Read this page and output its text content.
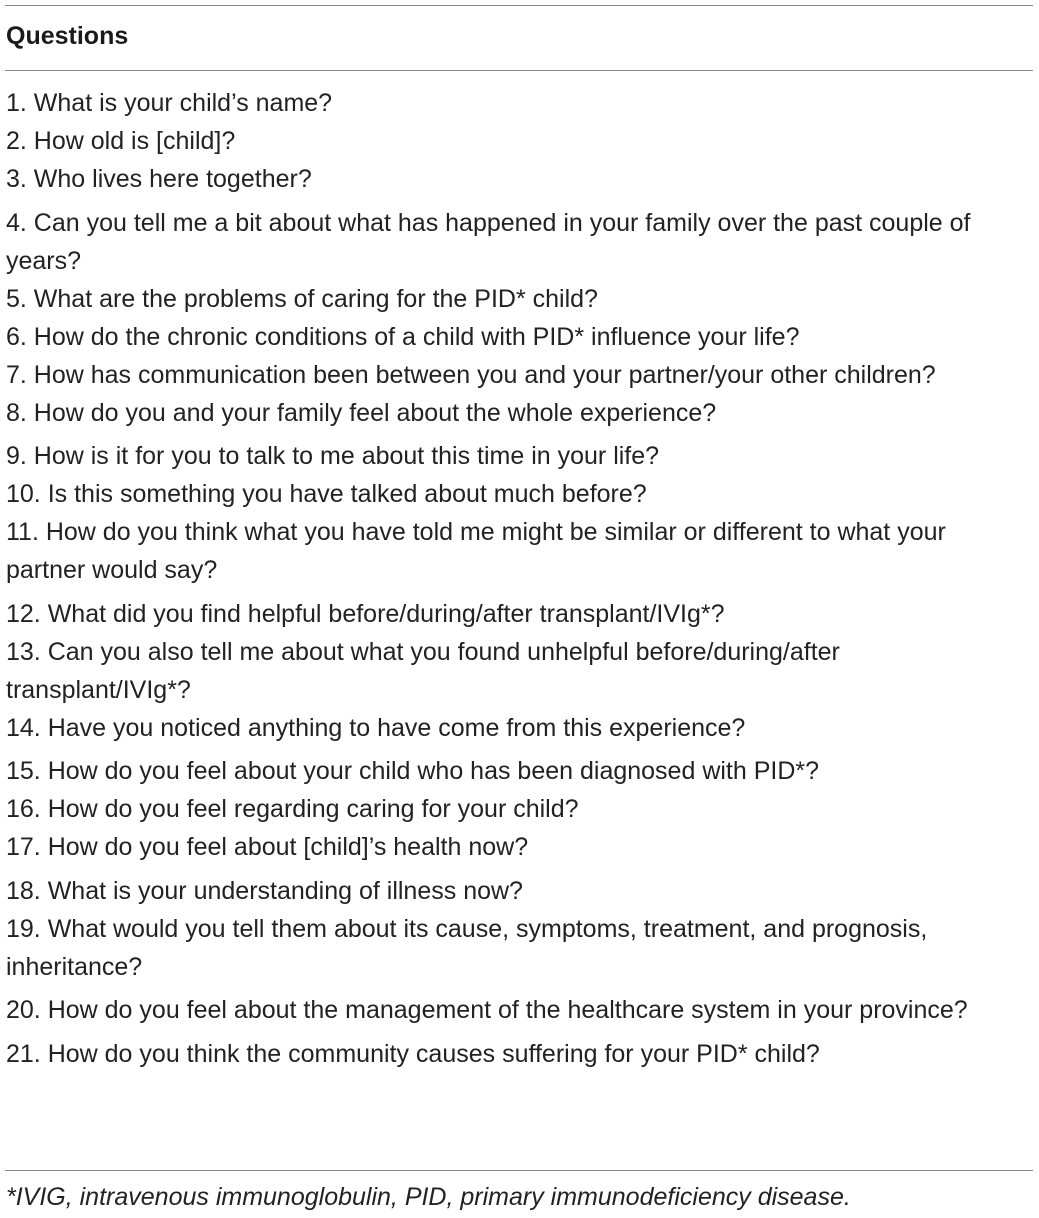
Questions
1. What is your child’s name?
2. How old is [child]?
3. Who lives here together?
4. Can you tell me a bit about what has happened in your family over the past couple of years?
5. What are the problems of caring for the PID* child?
6. How do the chronic conditions of a child with PID* influence your life?
7. How has communication been between you and your partner/your other children?
8. How do you and your family feel about the whole experience?
9. How is it for you to talk to me about this time in your life?
10. Is this something you have talked about much before?
11. How do you think what you have told me might be similar or different to what your partner would say?
12. What did you find helpful before/during/after transplant/IVIg*?
13. Can you also tell me about what you found unhelpful before/during/after transplant/IVIg*?
14. Have you noticed anything to have come from this experience?
15. How do you feel about your child who has been diagnosed with PID*?
16. How do you feel regarding caring for your child?
17. How do you feel about [child]’s health now?
18. What is your understanding of illness now?
19. What would you tell them about its cause, symptoms, treatment, and prognosis, inheritance?
20. How do you feel about the management of the healthcare system in your province?
21. How do you think the community causes suffering for your PID* child?
*IVIG, intravenous immunoglobulin, PID, primary immunodeficiency disease.
